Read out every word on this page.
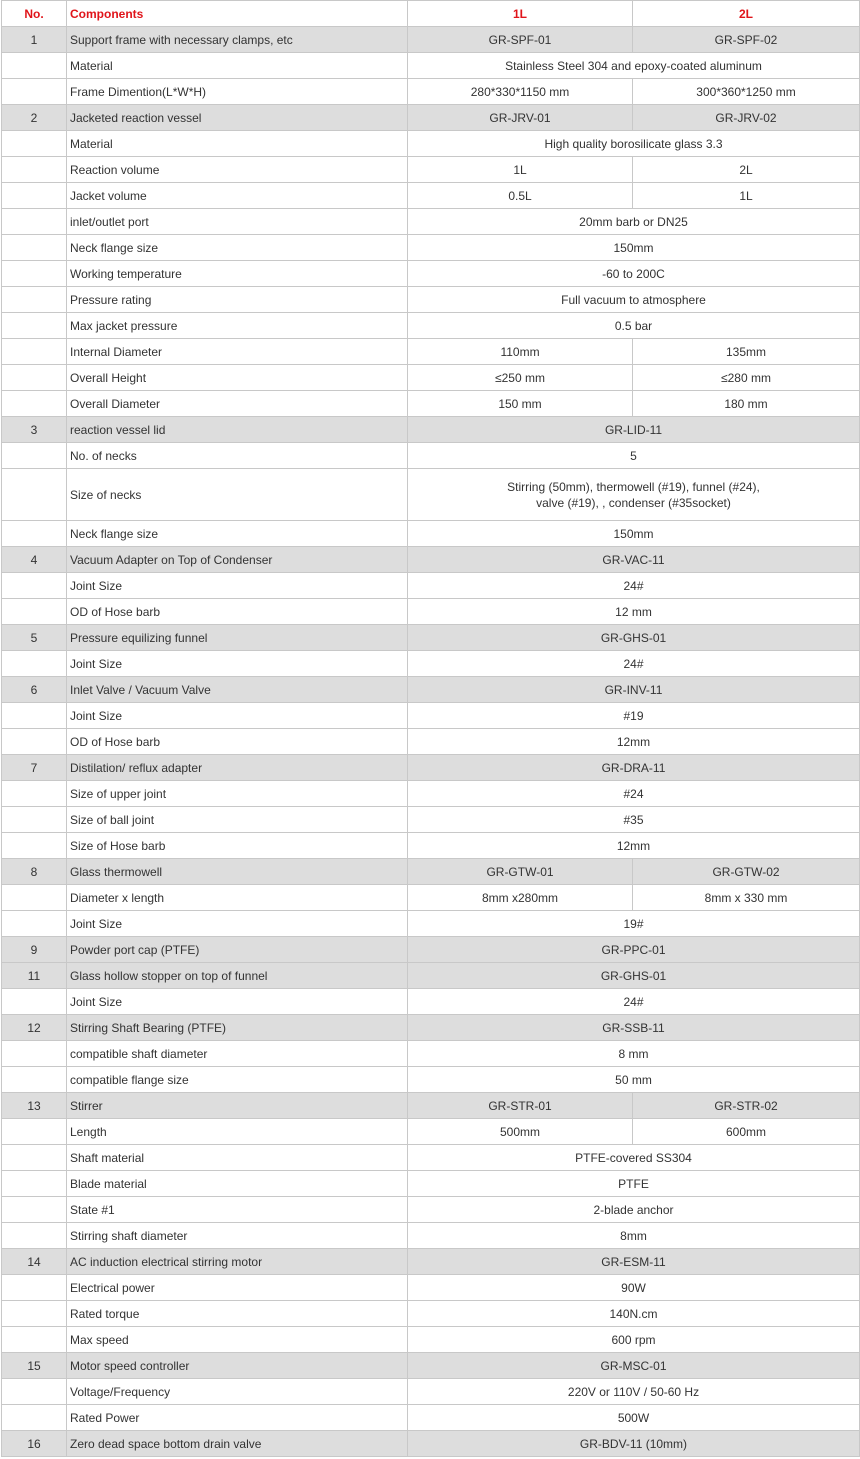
No.	Components	1L	2L
1	Support frame with necessary clamps, etc	GR-SPF-01	GR-SPF-02
	Material	Stainless Steel 304 and epoxy-coated aluminum	
	Frame Dimention(L*W*H)	280*330*1150 mm	300*360*1250 mm
2	Jacketed reaction vessel	GR-JRV-01	GR-JRV-02
	Material	High quality borosilicate glass 3.3	
	Reaction volume	1L	2L
	Jacket volume	0.5L	1L
	inlet/outlet port	20mm barb or DN25	
	Neck flange size	150mm	
	Working temperature	-60 to 200C	
	Pressure rating	Full vacuum to atmosphere	
	Max jacket pressure	0.5 bar	
	Internal Diameter	110mm	135mm
	Overall Height	≤250 mm	≤280 mm
	Overall Diameter	150 mm	180 mm
3	reaction vessel lid	GR-LID-11	
	No. of necks	5	
	Size of necks	Stirring (50mm), thermowell (#19), funnel (#24),
valve (#19), , condenser (#35socket)	

	Neck flange size	150mm	
4	Vacuum Adapter on Top of Condenser	GR-VAC-11	
	Joint Size	24#	
	OD of Hose barb	12 mm	
5	Pressure equilizing funnel	GR-GHS-01	
	Joint Size	24#	
6	Inlet Valve / Vacuum Valve	GR-INV-11	
	Joint Size	#19	
	OD of Hose barb	12mm	
7	Distilation/ reflux adapter	GR-DRA-11	
	Size of upper joint	#24	
	Size of ball joint	#35	
	Size of Hose barb	12mm	
8	Glass thermowell	GR-GTW-01	GR-GTW-02
	Diameter x length	8mm x280mm	8mm x 330 mm
	Joint Size	19#	
9	Powder port cap (PTFE)	GR-PPC-01	
11	Glass hollow stopper on top of funnel	GR-GHS-01	
	Joint Size	24#	
12	Stirring Shaft Bearing (PTFE)	GR-SSB-11	
	compatible shaft diameter	8 mm	
	compatible flange size	50 mm	
13	Stirrer	GR-STR-01	GR-STR-02
	Length	500mm	600mm
	Shaft material	PTFE-covered SS304	
	Blade material	PTFE	
	State #1	2-blade anchor	
	Stirring shaft diameter	8mm	
14	AC induction electrical stirring motor	GR-ESM-11	
	Electrical power	90W	
	Rated torque	140N.cm	
	Max speed	600 rpm	
15	Motor speed controller	GR-MSC-01	
	Voltage/Frequency	220V or 110V / 50-60 Hz	
	Rated Power	500W	
16	Zero dead space bottom drain valve	GR-BDV-11 (10mm)	
